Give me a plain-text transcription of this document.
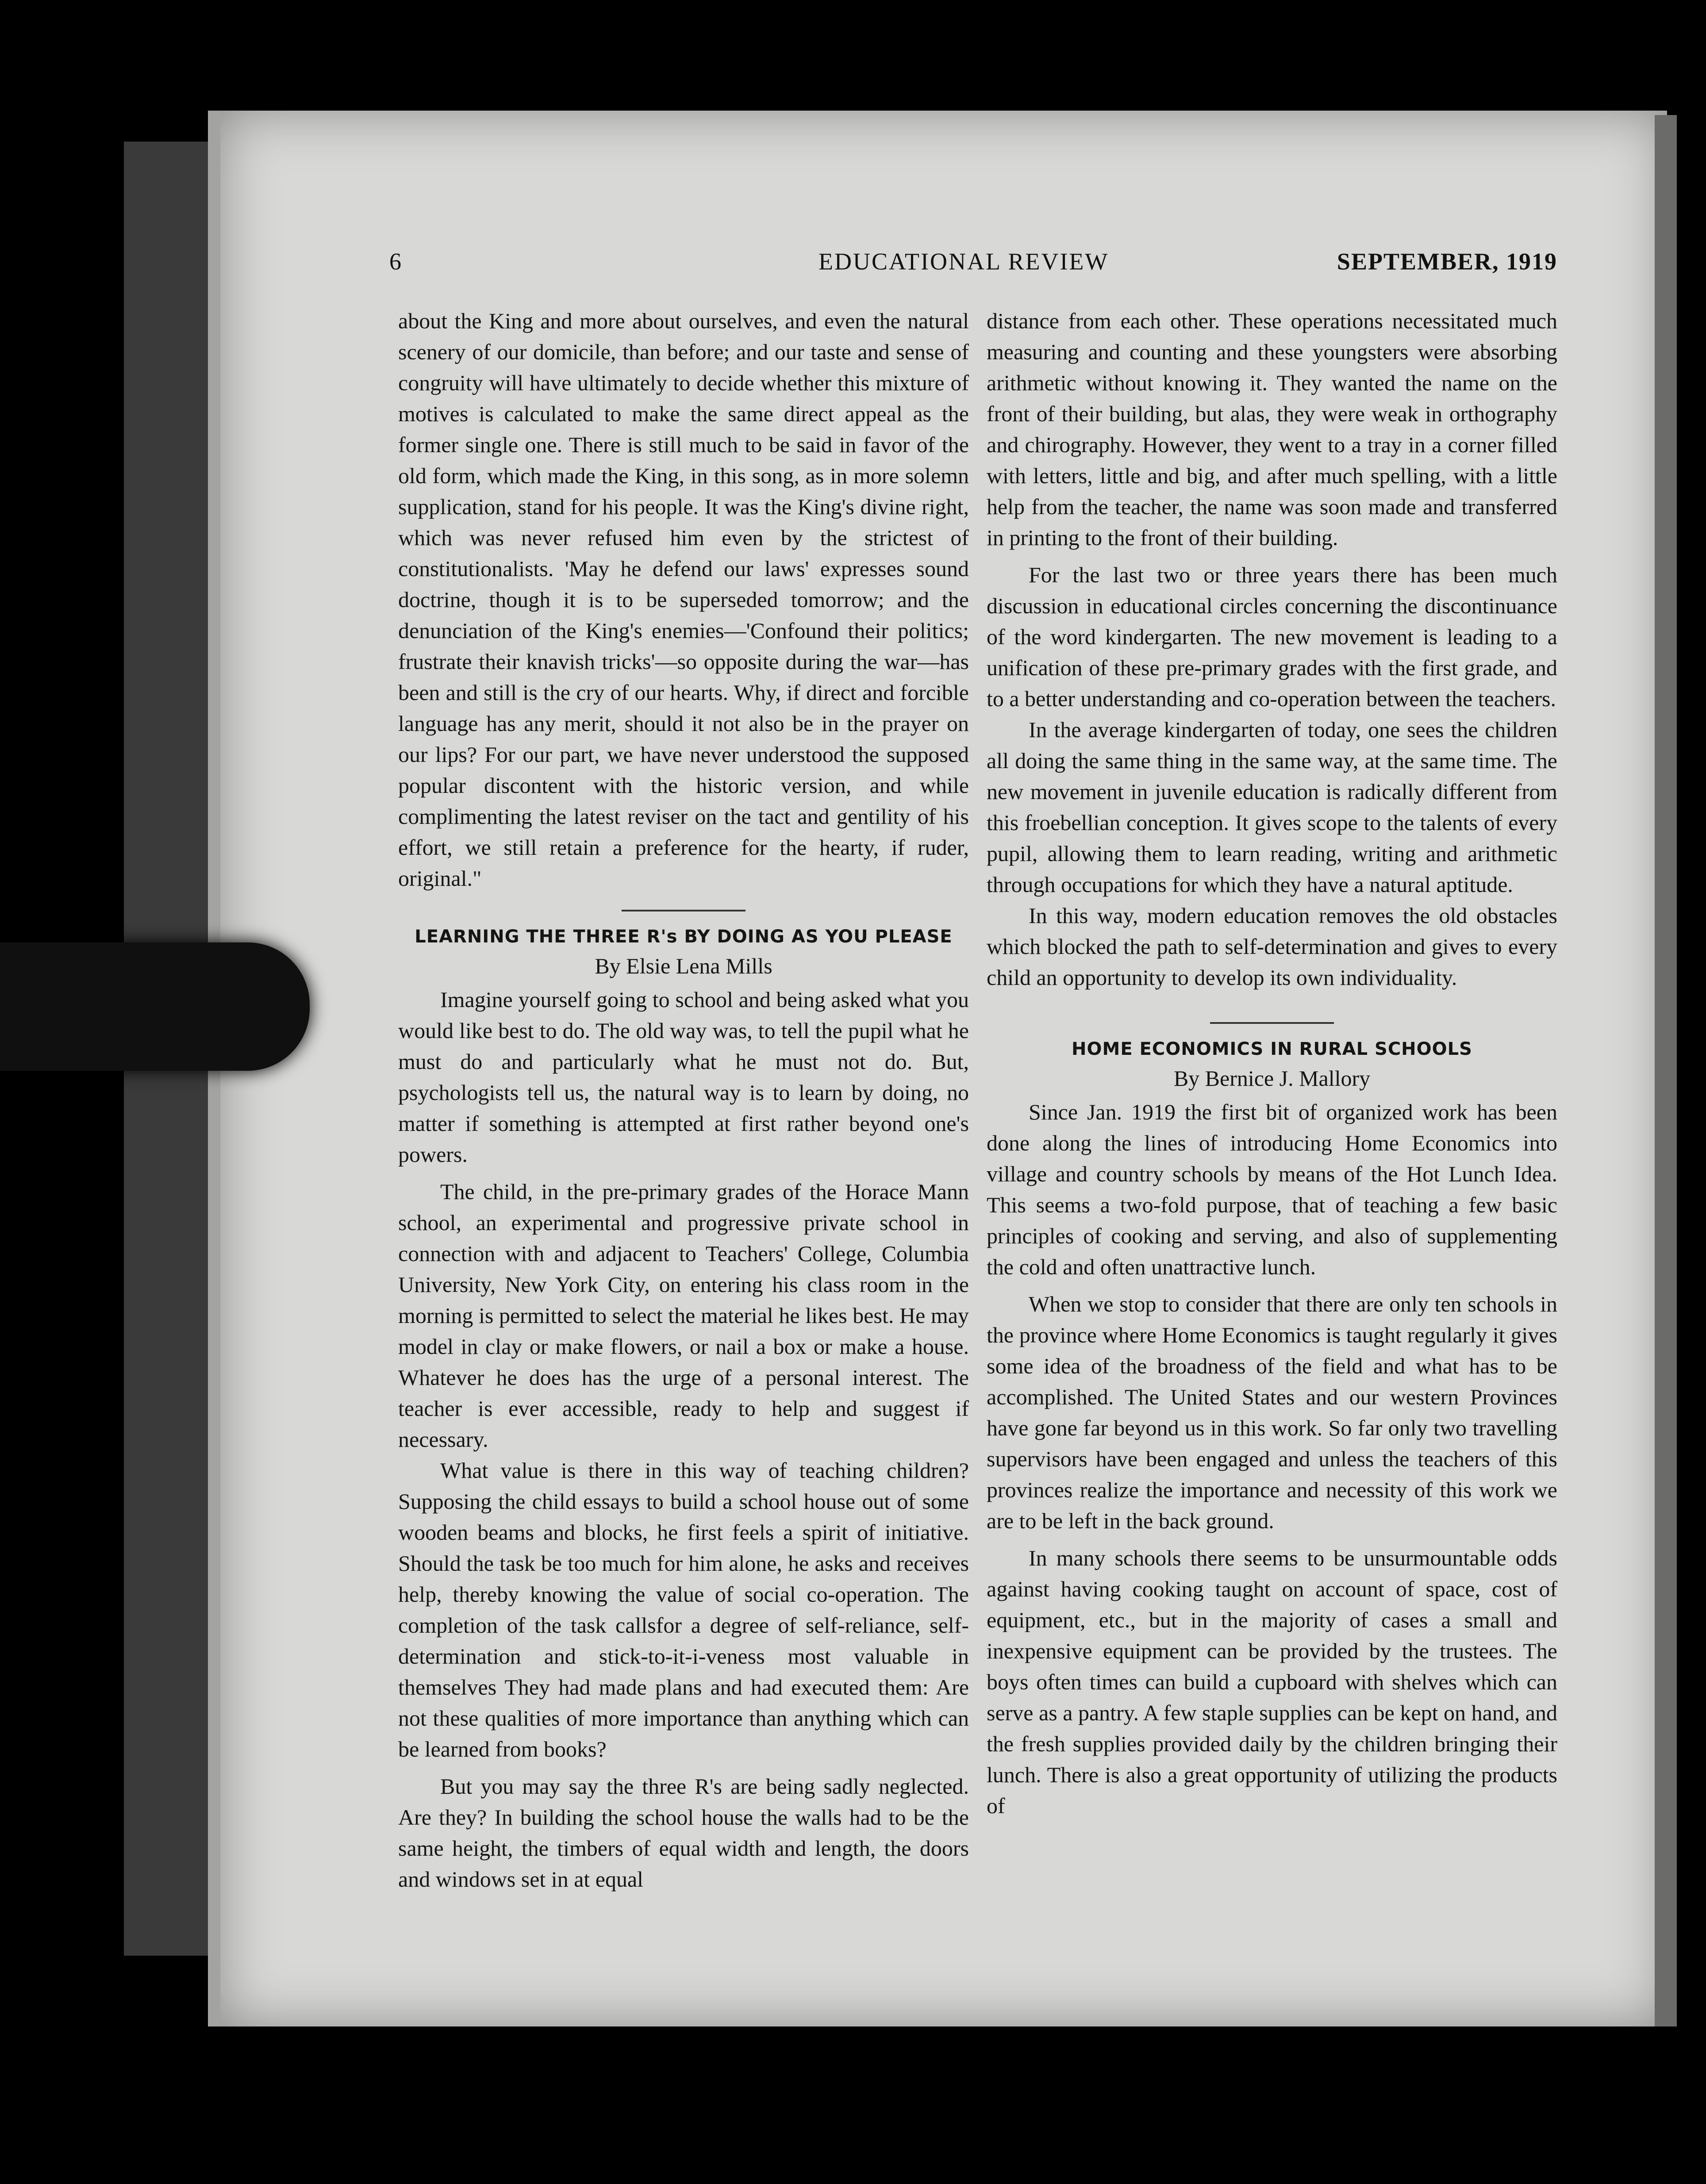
6	EDUCATIONAL REVIEW	SEPTEMBER, 1919

about the King and more about ourselves, and even the natural scenery of our domicile, than before; and our taste and sense of congruity will have ultimately to decide whether this mixture of motives is calculated to make the same direct appeal as the former single one. There is still much to be said in favor of the old form, which made the King, in this song, as in more solemn supplication, stand for his people. It was the King's divine right, which was never refused him even by the strictest of constitutionalists. 'May he defend our laws' expresses sound doctrine, though it is to be superseded tomorrow; and the denunciation of the King's enemies—'Confound their politics; frustrate their knavish tricks'—so opposite during the war—has been and still is the cry of our hearts. Why, if direct and forcible language has any merit, should it not also be in the prayer on our lips? For our part, we have never understood the supposed popular discontent with the historic version, and while complimenting the latest reviser on the tact and gentility of his effort, we still retain a preference for the hearty, if ruder, original."

LEARNING THE THREE R's BY DOING AS YOU PLEASE
By Elsie Lena Mills

Imagine yourself going to school and being asked what you would like best to do. The old way was, to tell the pupil what he must do and particularly what he must not do. But, psychologists tell us, the natural way is to learn by doing, no matter if something is attempted at first rather beyond one's powers.

The child, in the pre-primary grades of the Horace Mann school, an experimental and progressive private school in connection with and adjacent to Teachers' College, Columbia University, New York City, on entering his class room in the morning is permitted to select the material he likes best. He may model in clay or make flowers, or nail a box or make a house. Whatever he does has the urge of a personal interest. The teacher is ever accessible, ready to help and suggest if necessary.

What value is there in this way of teaching children? Supposing the child essays to build a school house out of some wooden beams and blocks, he first feels a spirit of initiative. Should the task be too much for him alone, he asks and receives help, thereby knowing the value of social co-operation. The completion of the task callsfor a degree of self-reliance, self-determination and stick-to-it-i-veness most valuable in themselves They had made plans and had executed them: Are not these qualities of more importance than anything which can be learned from books?

But you may say the three R's are being sadly neglected. Are they? In building the school house the walls had to be the same height, the timbers of equal width and length, the doors and windows set in at equal

distance from each other. These operations necessitated much measuring and counting and these youngsters were absorbing arithmetic without knowing it. They wanted the name on the front of their building, but alas, they were weak in orthography and chirography. However, they went to a tray in a corner filled with letters, little and big, and after much spelling, with a little help from the teacher, the name was soon made and transferred in printing to the front of their building.

For the last two or three years there has been much discussion in educational circles concerning the discontinuance of the word kindergarten. The new movement is leading to a unification of these pre-primary grades with the first grade, and to a better understanding and co-operation between the teachers.

In the average kindergarten of today, one sees the children all doing the same thing in the same way, at the same time. The new movement in juvenile education is radically different from this froebellian conception. It gives scope to the talents of every pupil, allowing them to learn reading, writing and arithmetic through occupations for which they have a natural aptitude.

In this way, modern education removes the old obstacles which blocked the path to self-determination and gives to every child an opportunity to develop its own individuality.

HOME ECONOMICS IN RURAL SCHOOLS
By Bernice J. Mallory

Since Jan. 1919 the first bit of organized work has been done along the lines of introducing Home Economics into village and country schools by means of the Hot Lunch Idea. This seems a two-fold purpose, that of teaching a few basic principles of cooking and serving, and also of supplementing the cold and often unattractive lunch.

When we stop to consider that there are only ten schools in the province where Home Economics is taught regularly it gives some idea of the broadness of the field and what has to be accomplished. The United States and our western Provinces have gone far beyond us in this work. So far only two travelling supervisors have been engaged and unless the teachers of this provinces realize the importance and necessity of this work we are to be left in the back ground.

In many schools there seems to be unsurmountable odds against having cooking taught on account of space, cost of equipment, etc., but in the majority of cases a small and inexpensive equipment can be provided by the trustees. The boys often times can build a cupboard with shelves which can serve as a pantry. A few staple supplies can be kept on hand, and the fresh supplies provided daily by the children bringing their lunch. There is also a great opportunity of utilizing the products of
